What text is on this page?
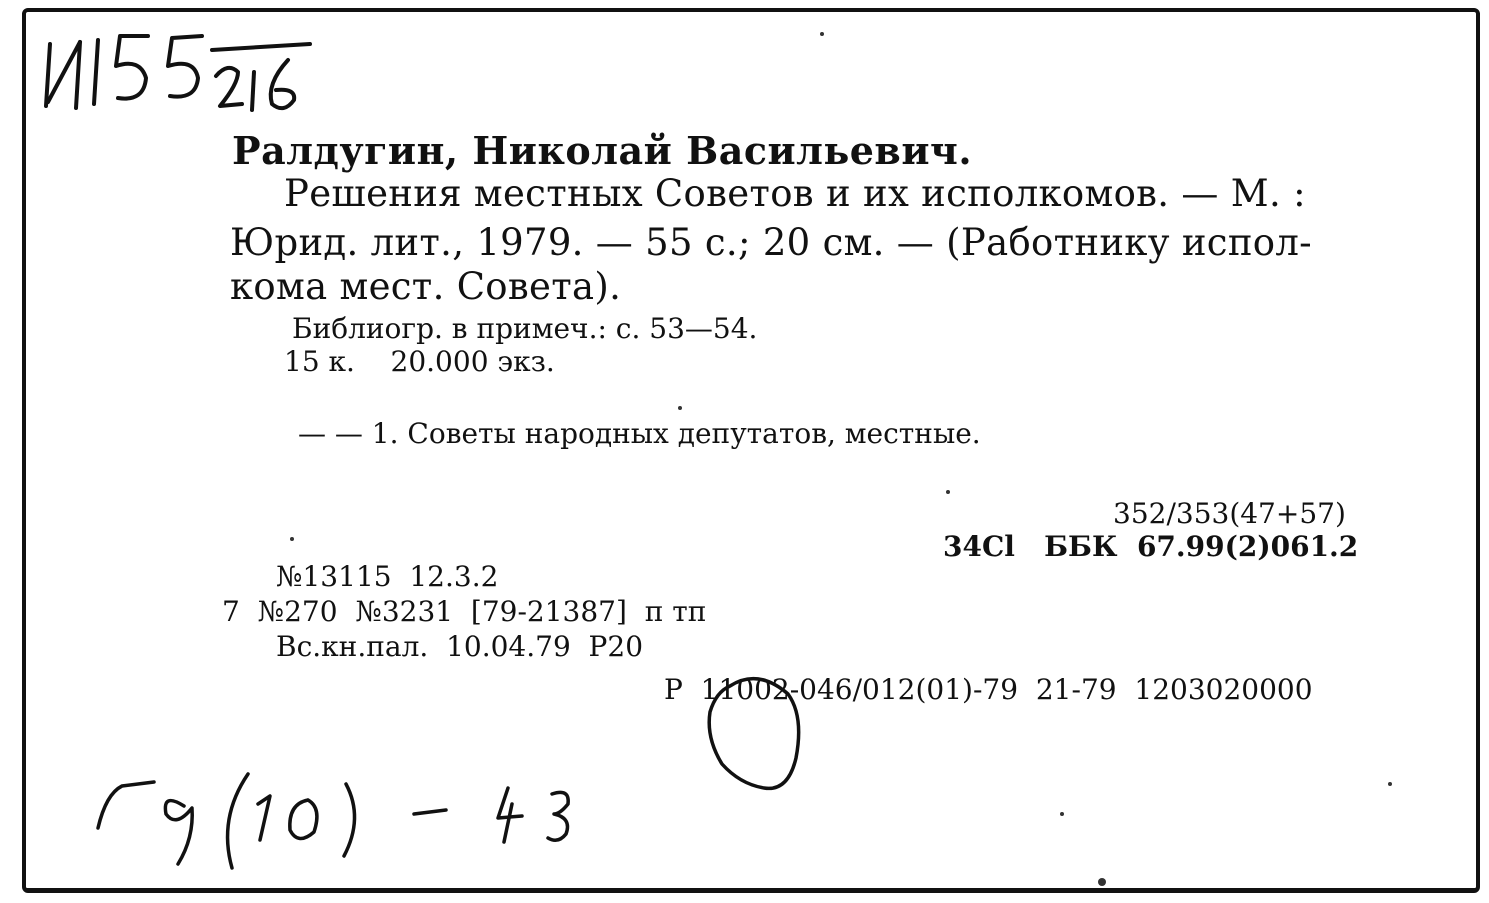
Ралдугин, Николай Васильевич.
Решения местных Советов и их исполкомов. — М. :
Юрид. лит., 1979. — 55 с.; 20 см. — (Работнику испол-
кома мест. Совета).
Библиогр. в примеч.: с. 53—54.
15 к.    20.000 экз.
— — 1. Советы народных депутатов, местные.
352/353(47+57)
34Cl   ББК  67.99(2)061.2
№13115  12.3.2
7  №270  №3231  [79-21387]  п тп
Вс.кн.пал.  10.04.79  Р20
Р  11002-046/012(01)-79  21-79  1203020000
